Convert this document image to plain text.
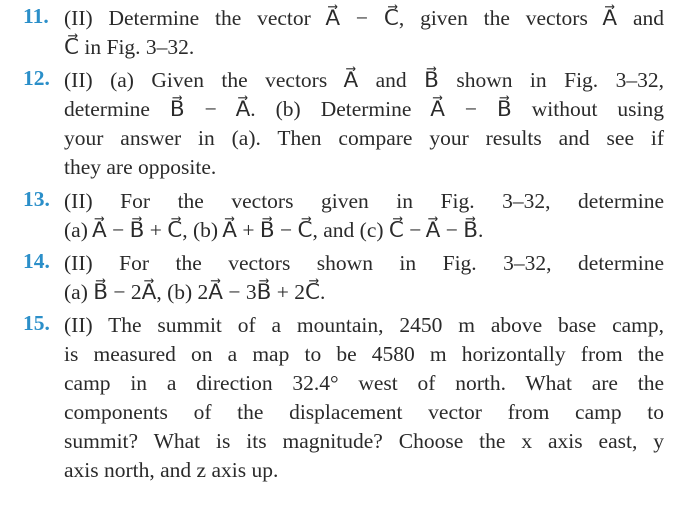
11. (II) Determine the vector A⃗ − C⃗, given the vectors A⃗ and
C⃗ in Fig. 3–32.
12. (II) (a) Given the vectors A⃗ and B⃗ shown in Fig. 3–32,
determine B⃗ − A⃗. (b) Determine A⃗ − B⃗ without using
your answer in (a). Then compare your results and see if
they are opposite.
13. (II) For the vectors given in Fig. 3–32, determine
(a) A⃗ − B⃗ + C⃗, (b) A⃗ + B⃗ − C⃗, and (c) C⃗ − A⃗ − B⃗.
14. (II) For the vectors shown in Fig. 3–32, determine
(a) B⃗ − 2A⃗, (b) 2A⃗ − 3B⃗ + 2C⃗.
15. (II) The summit of a mountain, 2450 m above base camp,
is measured on a map to be 4580 m horizontally from the
camp in a direction 32.4° west of north. What are the
components of the displacement vector from camp to
summit? What is its magnitude? Choose the x axis east, y
axis north, and z axis up.
